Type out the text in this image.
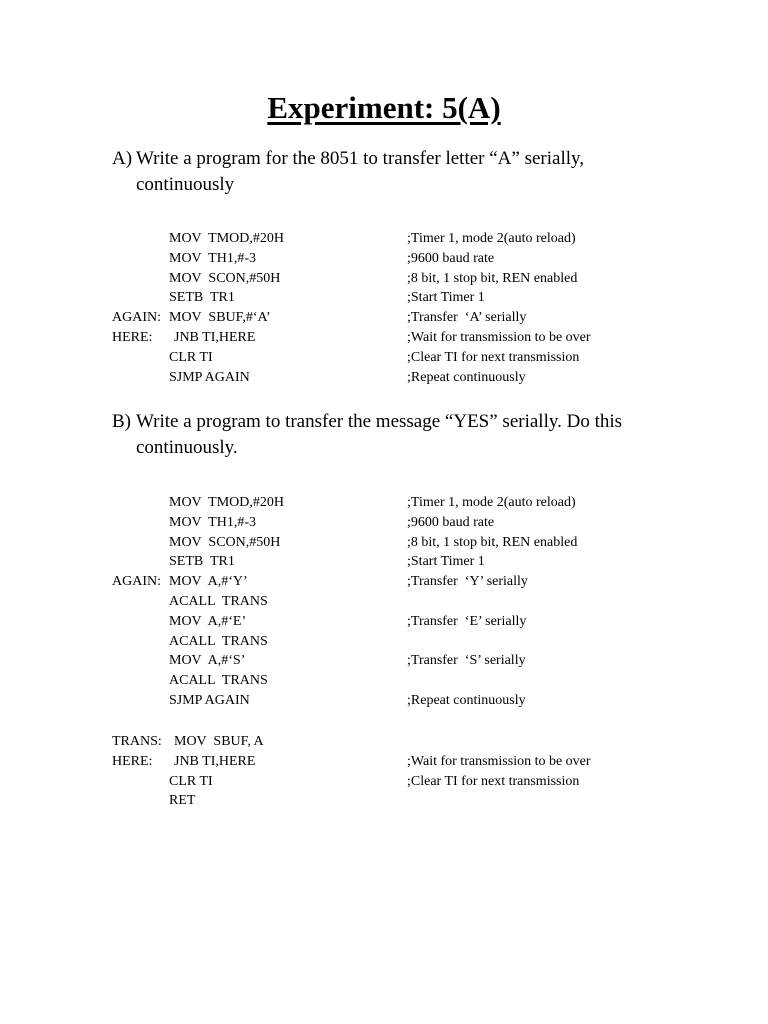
Experiment: 5(A)
A) Write a program for the 8051 to transfer letter “A” serially, continuously
MOV  TMOD,#20H	;Timer 1, mode 2(auto reload)
MOV  TH1,#-3	;9600 baud rate
MOV  SCON,#50H	;8 bit, 1 stop bit, REN enabled
SETB  TR1	;Start Timer 1
AGAIN: MOV  SBUF,#‘A’	;Transfer  ‘A’ serially
HERE: JNB TI,HERE	;Wait for transmission to be over
CLR TI	;Clear TI for next transmission
SJMP AGAIN	;Repeat continuously
B) Write a program to transfer the message “YES” serially. Do this continuously.
MOV  TMOD,#20H	;Timer 1, mode 2(auto reload)
MOV  TH1,#-3	;9600 baud rate
MOV  SCON,#50H	;8 bit, 1 stop bit, REN enabled
SETB  TR1	;Start Timer 1
AGAIN: MOV  A,#‘Y’	;Transfer  ‘Y’ serially
ACALL  TRANS
MOV  A,#‘E’	;Transfer  ‘E’ serially
ACALL  TRANS
MOV  A,#‘S’	;Transfer  ‘S’ serially
ACALL  TRANS
SJMP AGAIN	;Repeat continuously
TRANS: MOV  SBUF, A
HERE: JNB TI,HERE	;Wait for transmission to be over
CLR TI	;Clear TI for next transmission
RET
